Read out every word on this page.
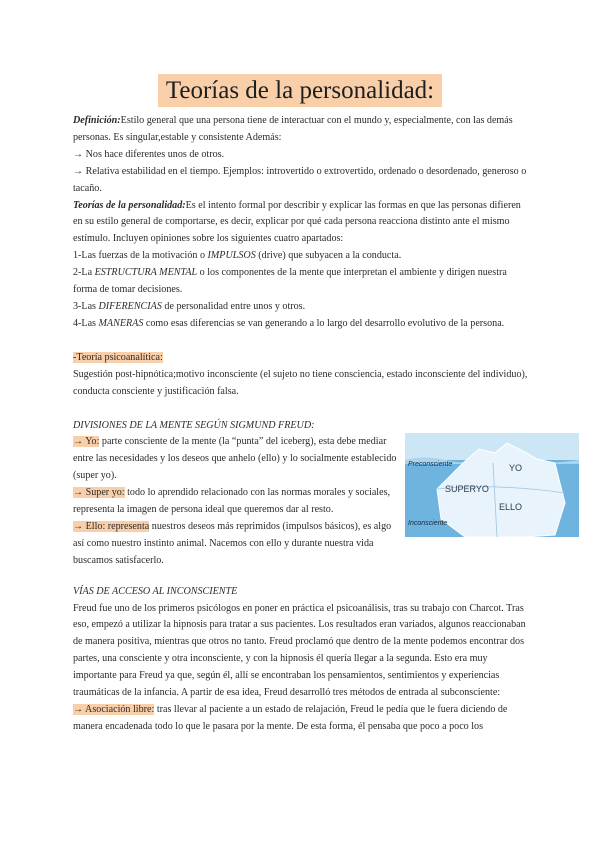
Teorías de la personalidad:

Definición:Estilo general que una persona tiene de interactuar con el mundo y, especialmente, con las demás personas. Es singular,estable y consistente Además:

→ Nos hace diferentes unos de otros.

→ Relativa estabilidad en el tiempo. Ejemplos: introvertido o extrovertido, ordenado o desordenado, generoso o tacaño.

Teorías de la personalidad:Es el intento formal por describir y explicar las formas en que las personas difieren en su estilo general de comportarse, es decir, explicar por qué cada persona reacciona distinto ante el mismo estímulo. Incluyen opiniones sobre los siguientes cuatro apartados:

1-Las fuerzas de la motivación o IMPULSOS (drive) que subyacen a la conducta.

2-La ESTRUCTURA MENTAL o los componentes de la mente que interpretan el ambiente y dirigen nuestra forma de tomar decisiones.

3-Las DIFERENCIAS de personalidad entre unos y otros.

4-Las MANERAS como esas diferencias se van generando a lo largo del desarrollo evolutivo de la persona.

-Teoría psicoanalítica:

Sugestión post-hipnótica;motivo inconsciente (el sujeto no tiene consciencia, estado inconsciente del individuo), conducta consciente y justificación falsa.

DIVISIONES DE LA MENTE SEGÚN SIGMUND FREUD:

→ Yo: parte consciente de la mente (la “punta” del iceberg), esta debe mediar entre las necesidades y los deseos que anhelo (ello) y lo socialmente establecido (super yo).

→ Super yo: todo lo aprendido relacionado con las normas morales y sociales, representa la imagen de persona ideal que queremos dar al resto.

→ Ello: representa nuestros deseos más reprimidos (impulsos básicos), es algo así como nuestro instinto animal. Nacemos con ello y durante nuestra vida buscamos satisfacerlo.

VÍAS DE ACCESO AL INCONSCIENTE

Freud fue uno de los primeros psicólogos en poner en práctica el psicoanálisis, tras su trabajo con Charcot. Tras eso, empezó a utilizar la hipnosis para tratar a sus pacientes. Los resultados eran variados, algunos reaccionaban de manera positiva, mientras que otros no tanto. Freud proclamó que dentro de la mente podemos encontrar dos partes, una consciente y otra inconsciente, y con la hipnosis él quería llegar a la segunda. Esto era muy importante para Freud ya que, según él, allí se encontraban los pensamientos, sentimientos y experiencias traumáticas de la infancia. A partir de esa idea, Freud desarrolló tres métodos de entrada al subconsciente:

→ Asociación libre: tras llevar al paciente a un estado de relajación, Freud le pedía que le fuera diciendo de manera encadenada todo lo que le pasara por la mente. De esta forma, él pensaba que poco a poco los

Preconsciente	YO
SUPERYO
ELLO
Inconsciente
